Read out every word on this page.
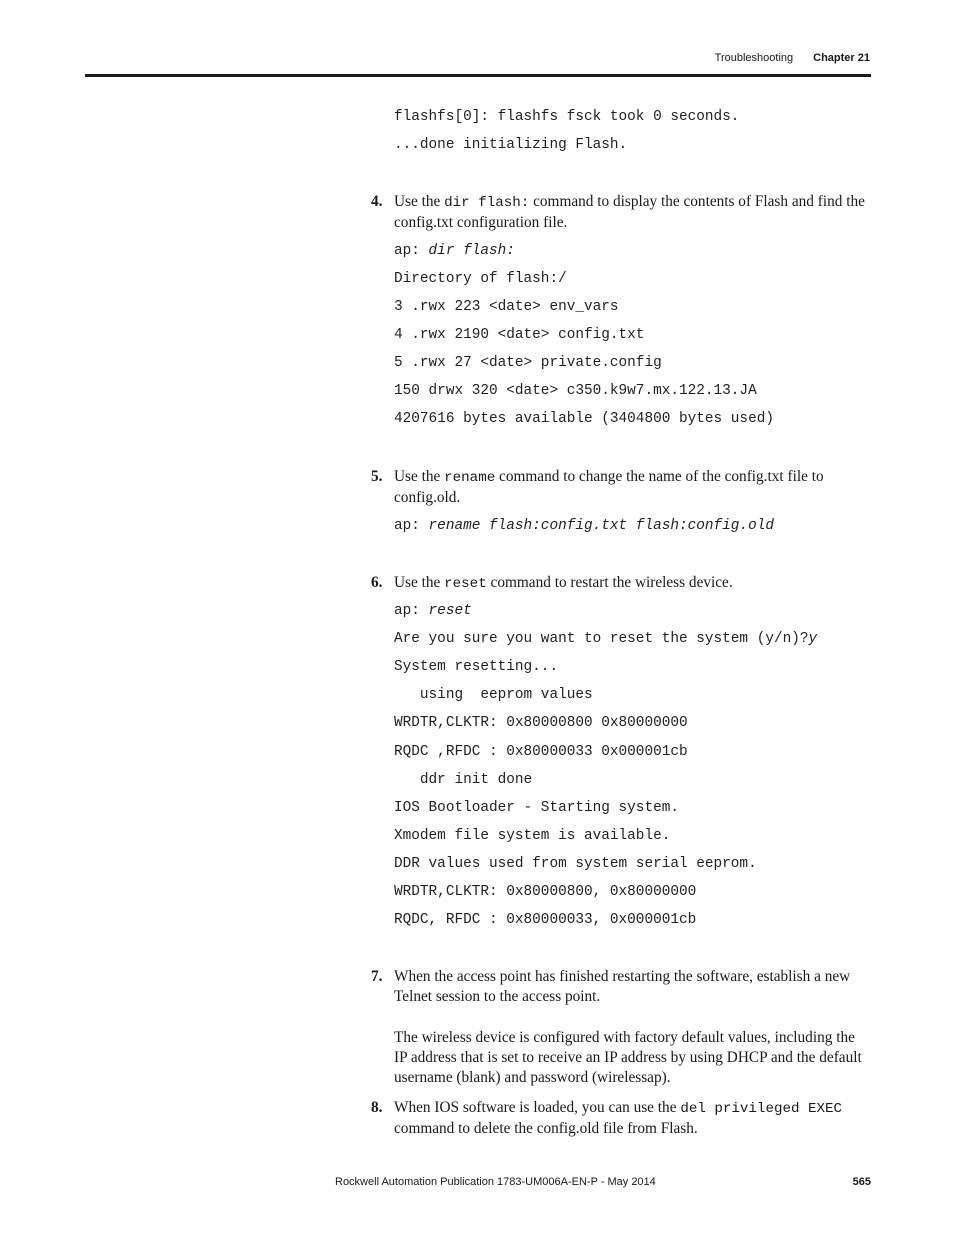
Troubleshooting Chapter 21
flashfs[0]: flashfs fsck took 0 seconds.
...done initializing Flash.
4. Use the dir flash: command to display the contents of Flash and find the config.txt configuration file.
ap: dir flash:
Directory of flash:/
3 .rwx 223 <date> env_vars
4 .rwx 2190 <date> config.txt
5 .rwx 27 <date> private.config
150 drwx 320 <date> c350.k9w7.mx.122.13.JA
4207616 bytes available (3404800 bytes used)
5. Use the rename command to change the name of the config.txt file to config.old.
ap: rename flash:config.txt flash:config.old
6. Use the reset command to restart the wireless device.
ap: reset
Are you sure you want to reset the system (y/n)?y
System resetting...
using  eeprom values
WRDTR,CLKTR: 0x80000800 0x80000000
RQDC ,RFDC : 0x80000033 0x000001cb
ddr init done
IOS Bootloader - Starting system.
Xmodem file system is available.
DDR values used from system serial eeprom.
WRDTR,CLKTR: 0x80000800, 0x80000000
RQDC, RFDC : 0x80000033, 0x000001cb
7. When the access point has finished restarting the software, establish a new Telnet session to the access point.
The wireless device is configured with factory default values, including the IP address that is set to receive an IP address by using DHCP and the default username (blank) and password (wirelessap).
8. When IOS software is loaded, you can use the del privileged EXEC command to delete the config.old file from Flash.
Rockwell Automation Publication 1783-UM006A-EN-P - May 2014	565
